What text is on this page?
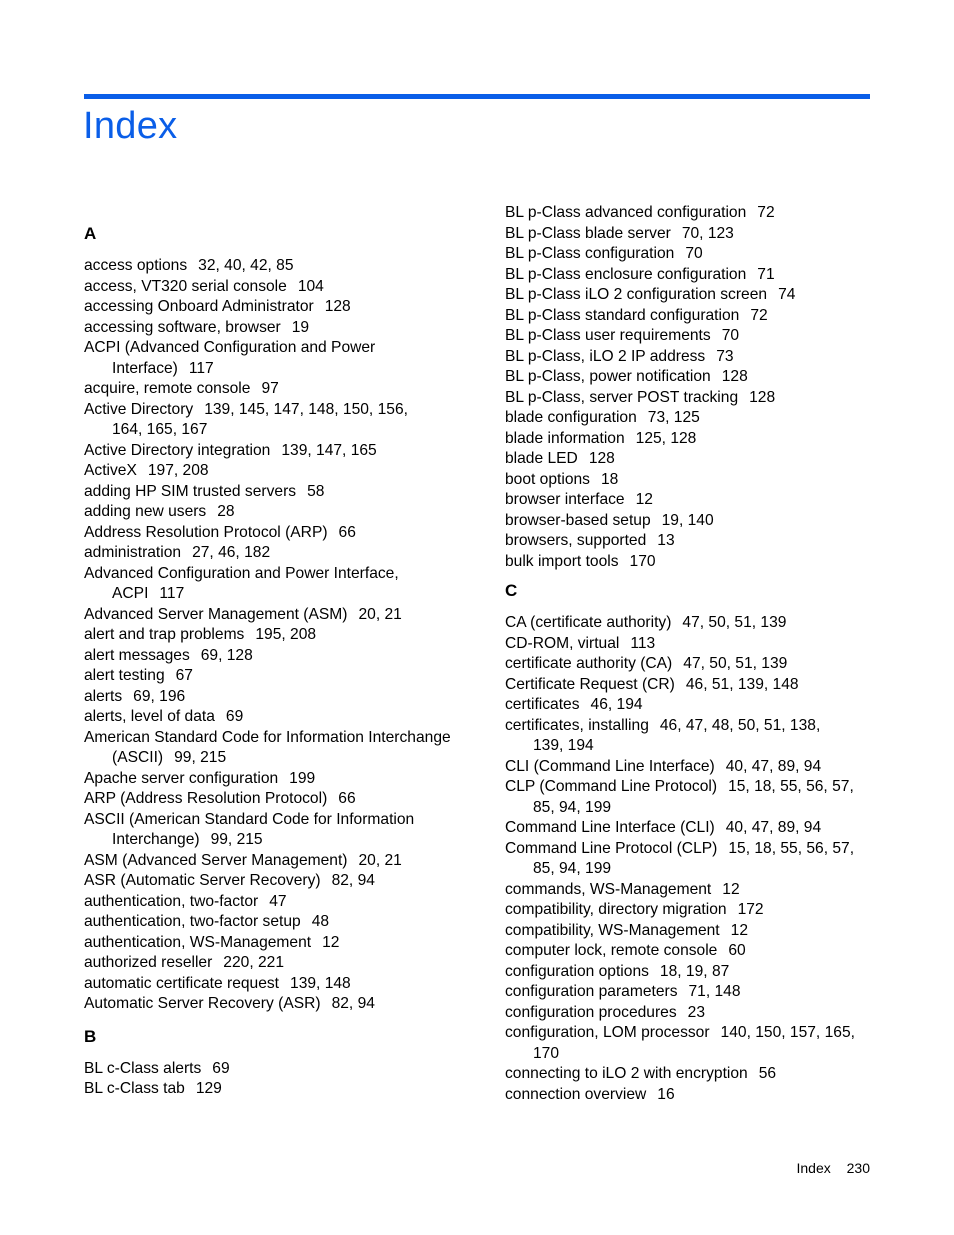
Index
A
access options 32, 40, 42, 85
access, VT320 serial console 104
accessing Onboard Administrator 128
accessing software, browser 19
ACPI (Advanced Configuration and Power
Interface) 117
acquire, remote console 97
Active Directory 139, 145, 147, 148, 150, 156,
164, 165, 167
Active Directory integration 139, 147, 165
ActiveX 197, 208
adding HP SIM trusted servers 58
adding new users 28
Address Resolution Protocol (ARP) 66
administration 27, 46, 182
Advanced Configuration and Power Interface,
ACPI 117
Advanced Server Management (ASM) 20, 21
alert and trap problems 195, 208
alert messages 69, 128
alert testing 67
alerts 69, 196
alerts, level of data 69
American Standard Code for Information Interchange
(ASCII) 99, 215
Apache server configuration 199
ARP (Address Resolution Protocol) 66
ASCII (American Standard Code for Information
Interchange) 99, 215
ASM (Advanced Server Management) 20, 21
ASR (Automatic Server Recovery) 82, 94
authentication, two-factor 47
authentication, two-factor setup 48
authentication, WS-Management 12
authorized reseller 220, 221
automatic certificate request 139, 148
Automatic Server Recovery (ASR) 82, 94
B
BL c-Class alerts 69
BL c-Class tab 129
BL p-Class advanced configuration 72
BL p-Class blade server 70, 123
BL p-Class configuration 70
BL p-Class enclosure configuration 71
BL p-Class iLO 2 configuration screen 74
BL p-Class standard configuration 72
BL p-Class user requirements 70
BL p-Class, iLO 2 IP address 73
BL p-Class, power notification 128
BL p-Class, server POST tracking 128
blade configuration 73, 125
blade information 125, 128
blade LED 128
boot options 18
browser interface 12
browser-based setup 19, 140
browsers, supported 13
bulk import tools 170
C
CA (certificate authority) 47, 50, 51, 139
CD-ROM, virtual 113
certificate authority (CA) 47, 50, 51, 139
Certificate Request (CR) 46, 51, 139, 148
certificates 46, 194
certificates, installing 46, 47, 48, 50, 51, 138,
139, 194
CLI (Command Line Interface) 40, 47, 89, 94
CLP (Command Line Protocol) 15, 18, 55, 56, 57,
85, 94, 199
Command Line Interface (CLI) 40, 47, 89, 94
Command Line Protocol (CLP) 15, 18, 55, 56, 57,
85, 94, 199
commands, WS-Management 12
compatibility, directory migration 172
compatibility, WS-Management 12
computer lock, remote console 60
configuration options 18, 19, 87
configuration parameters 71, 148
configuration procedures 23
configuration, LOM processor 140, 150, 157, 165,
170
connecting to iLO 2 with encryption 56
connection overview 16
Index 230
